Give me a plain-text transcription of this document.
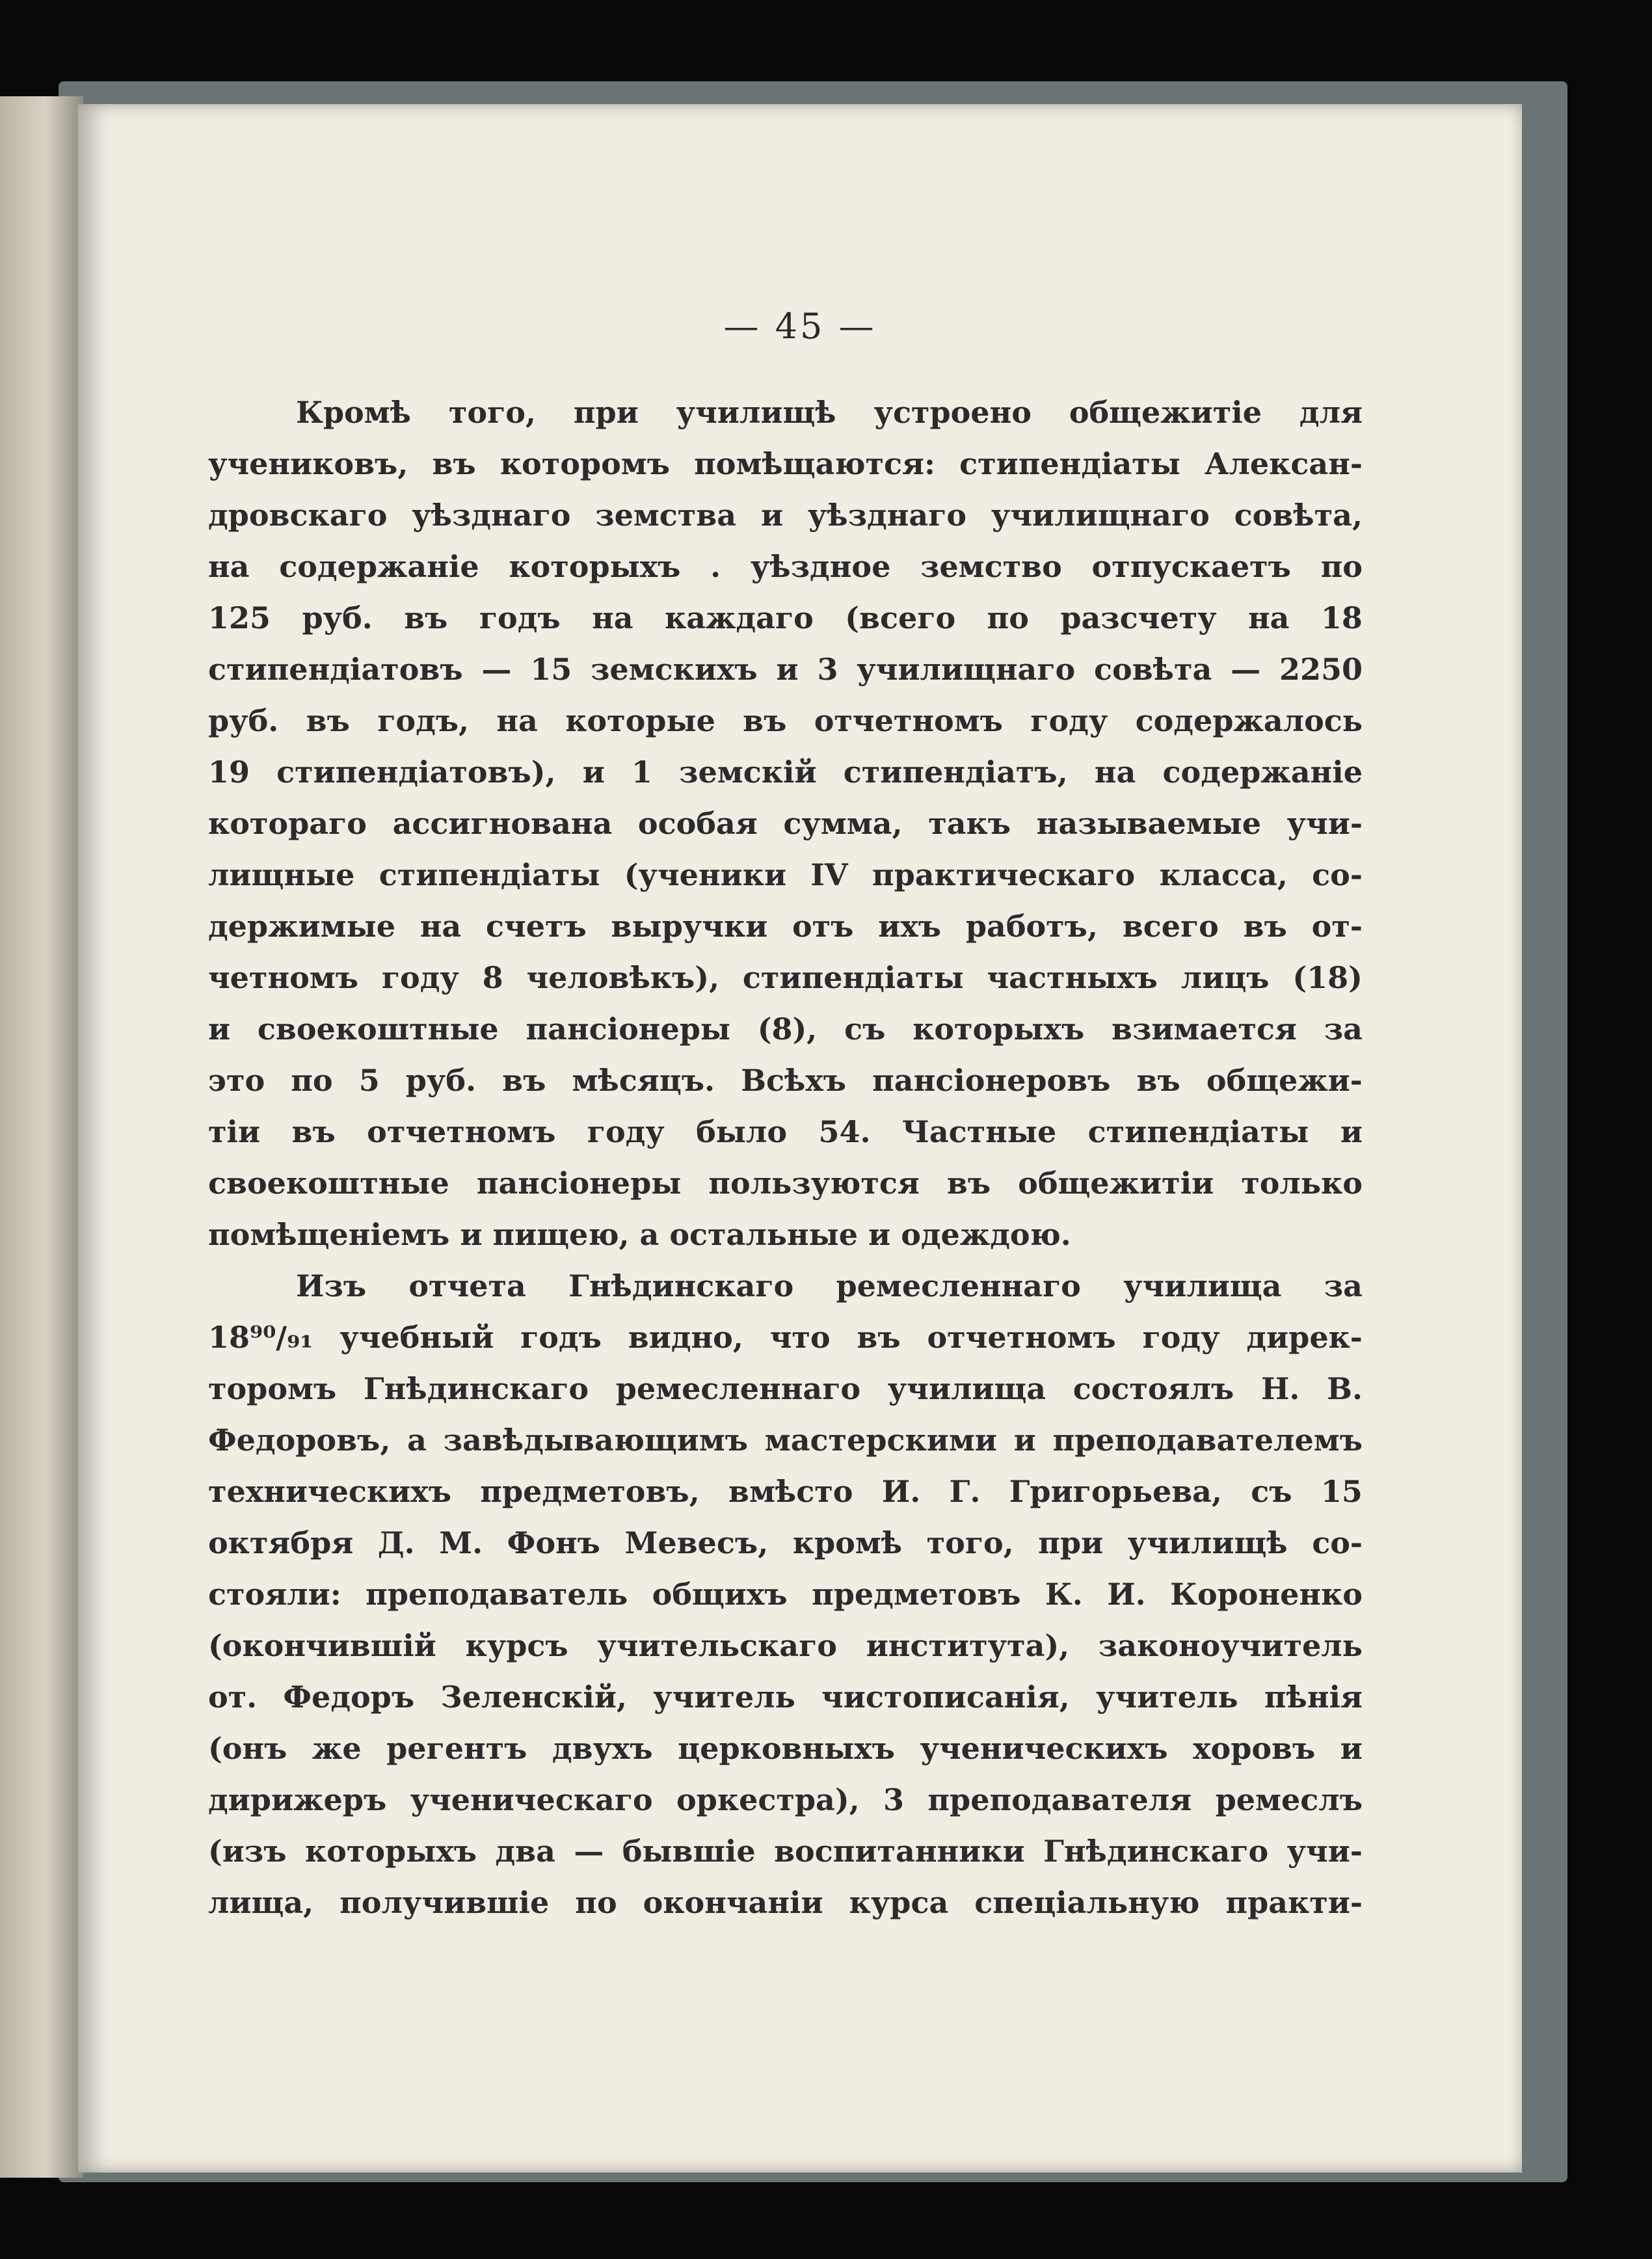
— 45 —
Кромѣ того, при училищѣ устроено общежитіе для
учениковъ, въ которомъ помѣщаются: стипендіаты Алексан-
дровскаго уѣзднаго земства и уѣзднаго училищнаго совѣта,
на содержаніе которыхъ . уѣздное земство отпускаетъ по
125 руб. въ годъ на каждаго (всего по разсчету на 18
стипендіатовъ — 15 земскихъ и 3 училищнаго совѣта — 2250
руб. въ годъ, на которые въ отчетномъ году содержалось
19 стипендіатовъ), и 1 земскій стипендіатъ, на содержаніе
котораго ассигнована особая сумма, такъ называемые учи-
лищные стипендіаты (ученики IV практическаго класса, со-
держимые на счетъ выручки отъ ихъ работъ, всего въ от-
четномъ году 8 человѣкъ), стипендіаты частныхъ лицъ (18)
и своекоштные пансіонеры (8), съ которыхъ взимается за
это по 5 руб. въ мѣсяцъ. Всѣхъ пансіонеровъ въ общежи-
тіи въ отчетномъ году было 54. Частные стипендіаты и
своекоштные пансіонеры пользуются въ общежитіи только
помѣщеніемъ и пищею, а остальные и одеждою.
Изъ отчета Гнѣдинскаго ремесленнаго училища за
18⁹⁰/₉₁ учебный годъ видно, что въ отчетномъ году дирек-
торомъ Гнѣдинскаго ремесленнаго училища состоялъ Н. В.
Федоровъ, а завѣдывающимъ мастерскими и преподавателемъ
техническихъ предметовъ, вмѣсто И. Г. Григорьева, съ 15
октября Д. М. Фонъ Мевесъ, кромѣ того, при училищѣ со-
стояли: преподаватель общихъ предметовъ К. И. Короненко
(окончившій курсъ учительскаго института), законоучитель
от. Федоръ Зеленскій, учитель чистописанія, учитель пѣнія
(онъ же регентъ двухъ церковныхъ ученическихъ хоровъ и
дирижеръ ученическаго оркестра), 3 преподавателя ремеслъ
(изъ которыхъ два — бывшіе воспитанники Гнѣдинскаго учи-
лища, получившіе по окончаніи курса спеціальную практи-
